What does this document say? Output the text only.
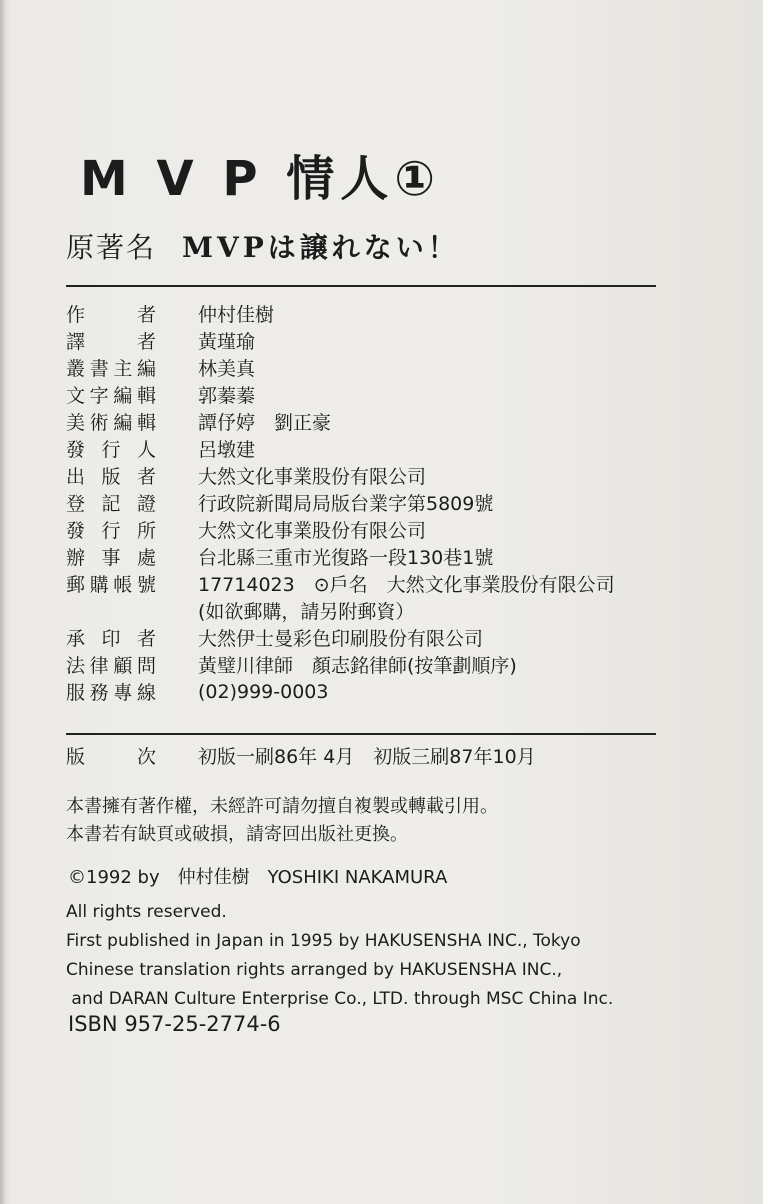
M V P 情人①
原著名 MVPは譲れない！
作	者 仲村佳樹
譯	者 黃瑾瑜
叢 書 主 編 林美真
文 字 編 輯 郭蓁蓁
美 術 編 輯 譚伃婷　劉正豪
發 行 人 呂墩建
出 版 者 大然文化事業股份有限公司
登 記 證 行政院新聞局局版台業字第5809號
發 行 所 大然文化事業股份有限公司
辦 事 處 台北縣三重市光復路一段130巷1號
郵 購 帳 號 17714023　⊙戶名　大然文化事業股份有限公司
(如欲郵購，請另附郵資）
承 印 者 大然伊士曼彩色印刷股份有限公司
法 律 顧 問 黃璧川律師　顏志銘律師(按筆劃順序)
服 務 專 線 (02)999-0003
版	次 初版一刷86年 4月　初版三刷87年10月
本書擁有著作權，未經許可請勿擅自複製或轉載引用。
本書若有缺頁或破損，請寄回出版社更換。
©1992 by 仲村佳樹 YOSHIKI NAKAMURA
All rights reserved.
First published in Japan in 1995 by HAKUSENSHA INC., Tokyo
Chinese translation rights arranged by HAKUSENSHA INC.,
and DARAN Culture Enterprise Co., LTD. through MSC China Inc.
ISBN 957-25-2774-6
